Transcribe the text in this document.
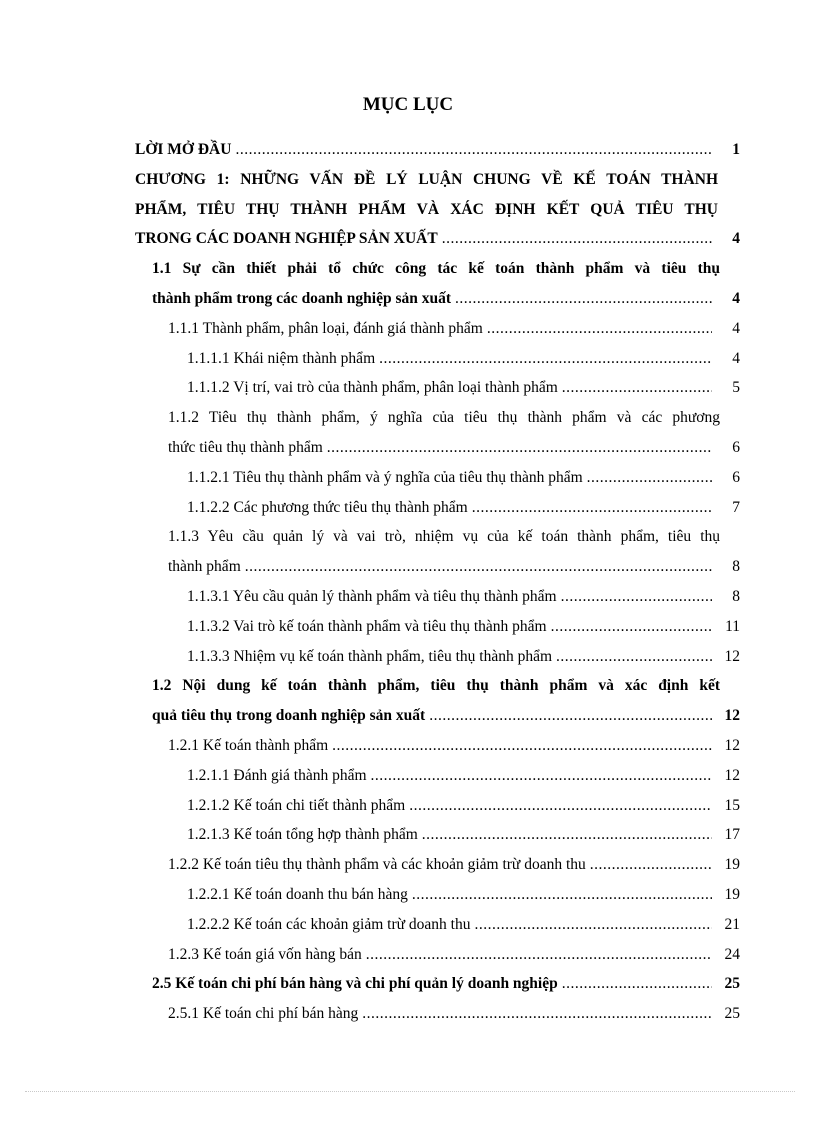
MỤC LỤC
LỜI MỞ ĐẦU .....	1
CHƯƠNG 1: NHỮNG VẤN ĐỀ LÝ LUẬN CHUNG VỀ KẾ TOÁN THÀNH
PHẨM, TIÊU THỤ THÀNH PHẨM VÀ XÁC ĐỊNH KẾT QUẢ TIÊU THỤ
TRONG CÁC DOANH NGHIỆP SẢN XUẤT .....	4
1.1 Sự cần thiết phải tổ chức công tác kế toán thành phẩm và tiêu thụ
thành phẩm trong các doanh nghiệp sản xuất .....	4
1.1.1 Thành phẩm, phân loại, đánh giá thành phẩm .....	4
1.1.1.1 Khái niệm thành phẩm .....	4
1.1.1.2 Vị trí, vai trò của thành phẩm, phân loại thành phẩm .....	5
1.1.2 Tiêu thụ thành phẩm, ý nghĩa của tiêu thụ thành phẩm và các phương
thức tiêu thụ thành phẩm .....	6
1.1.2.1 Tiêu thụ thành phẩm và ý nghĩa của tiêu thụ thành phẩm .....	6
1.1.2.2 Các phương thức tiêu thụ thành phẩm .....	7
1.1.3 Yêu cầu quản lý và vai trò, nhiệm vụ của kế toán thành phẩm, tiêu thụ
thành phẩm .....	8
1.1.3.1 Yêu cầu quản lý thành phẩm và tiêu thụ thành phẩm .....	8
1.1.3.2 Vai trò kế toán thành phẩm và tiêu thụ thành phẩm .....	11
1.1.3.3 Nhiệm vụ kế toán thành phẩm, tiêu thụ thành phẩm .....	12
1.2 Nội dung kế toán thành phẩm, tiêu thụ thành phẩm và xác định kết
quả tiêu thụ trong doanh nghiệp sản xuất .....	12
1.2.1 Kế toán thành phẩm .....	12
1.2.1.1 Đánh giá thành phẩm .....	12
1.2.1.2 Kế toán chi tiết thành phẩm .....	15
1.2.1.3 Kế toán tổng hợp thành phẩm .....	17
1.2.2 Kế toán tiêu thụ thành phẩm và các khoản giảm trừ doanh thu .....	19
1.2.2.1 Kế toán doanh thu bán hàng .....	19
1.2.2.2 Kế toán các khoản giảm trừ doanh thu .....	21
1.2.3 Kế toán giá vốn hàng bán .....	24
2.5 Kế toán chi phí bán hàng và chi phí quản lý doanh nghiệp .....	25
2.5.1 Kế toán chi phí bán hàng .....	25
